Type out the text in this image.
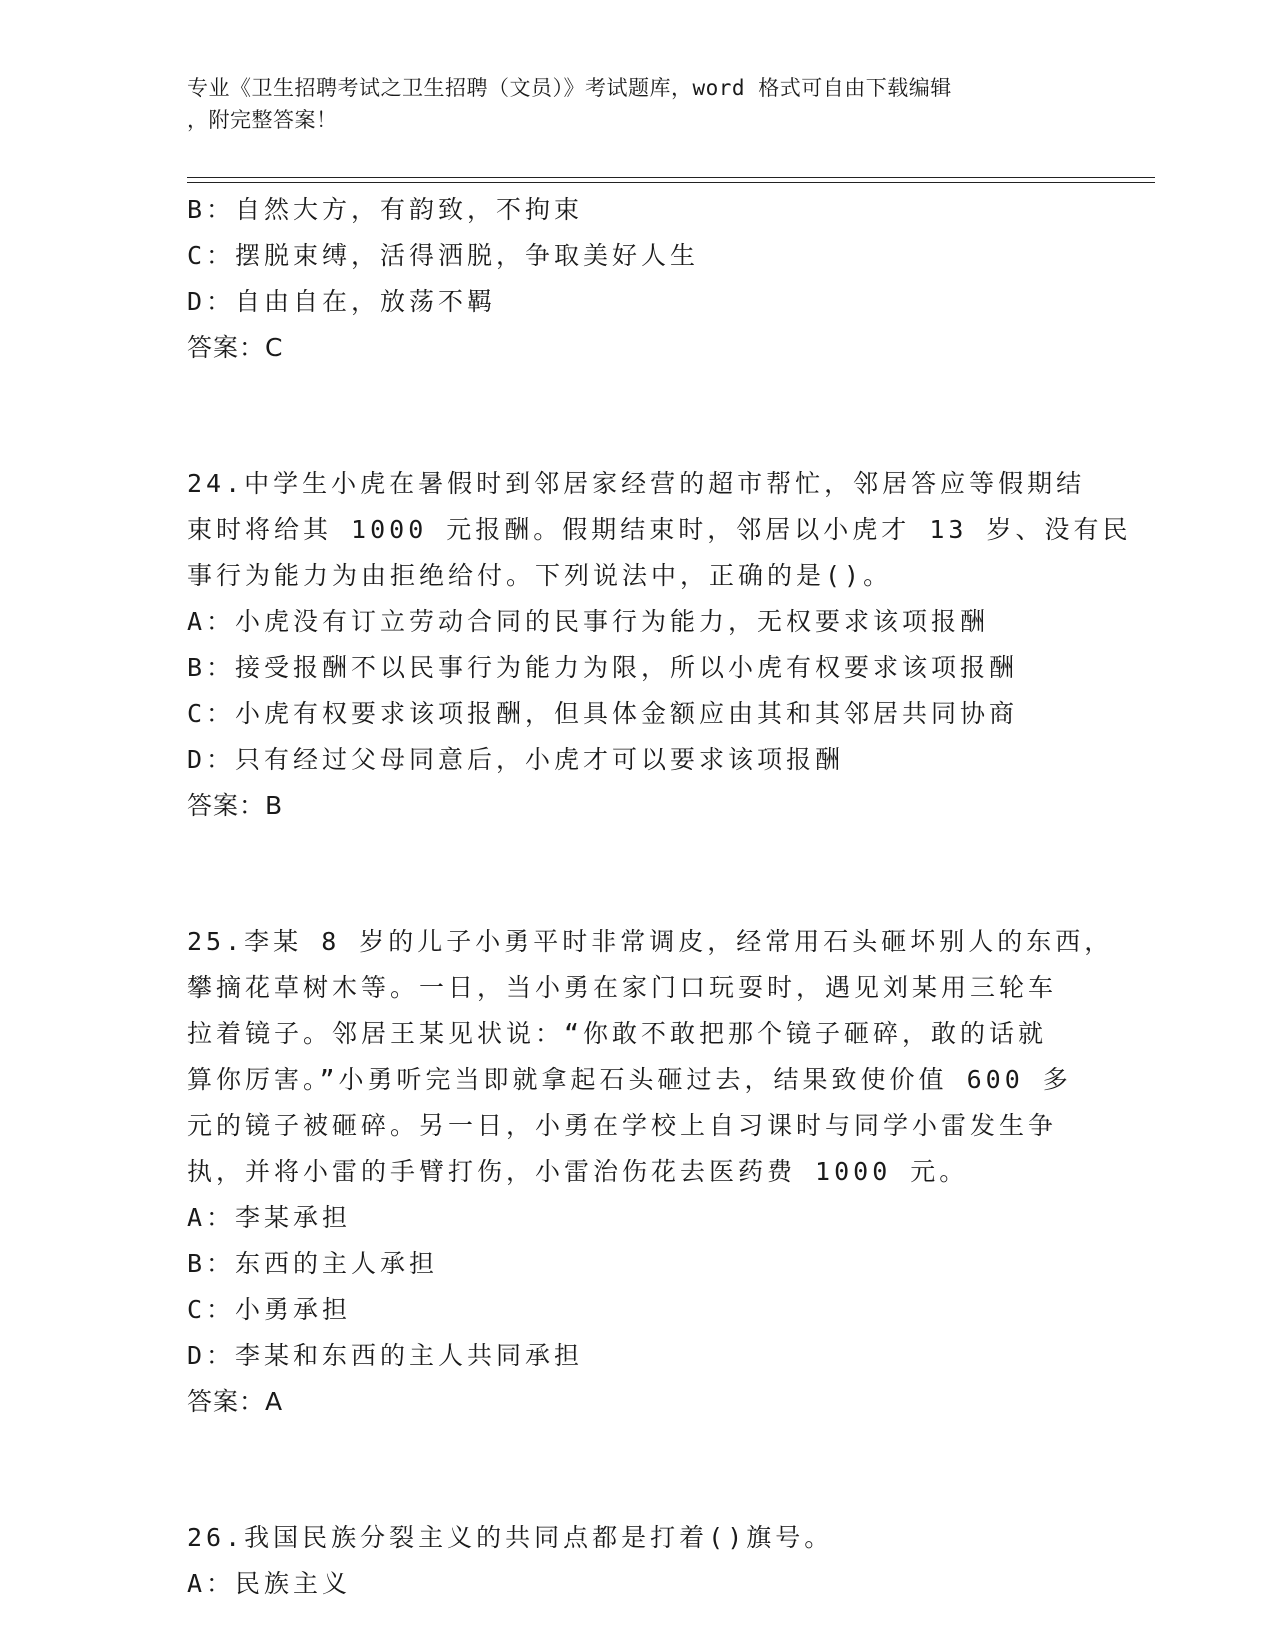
专业《卫生招聘考试之卫生招聘（文员）》考试题库，word 格式可自由下载编辑
，附完整答案！
B：自然大方，有韵致，不拘束
C：摆脱束缚，活得洒脱，争取美好人生
D：自由自在，放荡不羁
答案：C
24.中学生小虎在暑假时到邻居家经营的超市帮忙，邻居答应等假期结
束时将给其 1000 元报酬。假期结束时，邻居以小虎才 13 岁、没有民
事行为能力为由拒绝给付。下列说法中，正确的是()。
A：小虎没有订立劳动合同的民事行为能力，无权要求该项报酬
B：接受报酬不以民事行为能力为限，所以小虎有权要求该项报酬
C：小虎有权要求该项报酬，但具体金额应由其和其邻居共同协商
D：只有经过父母同意后，小虎才可以要求该项报酬
答案：B
25.李某 8 岁的儿子小勇平时非常调皮，经常用石头砸坏别人的东西，
攀摘花草树木等。一日，当小勇在家门口玩耍时，遇见刘某用三轮车
拉着镜子。邻居王某见状说：“你敢不敢把那个镜子砸碎，敢的话就
算你厉害。”小勇听完当即就拿起石头砸过去，结果致使价值 600 多
元的镜子被砸碎。另一日，小勇在学校上自习课时与同学小雷发生争
执，并将小雷的手臂打伤，小雷治伤花去医药费 1000 元。
A：李某承担
B：东西的主人承担
C：小勇承担
D：李某和东西的主人共同承担
答案：A
26.我国民族分裂主义的共同点都是打着()旗号。
A：民族主义
